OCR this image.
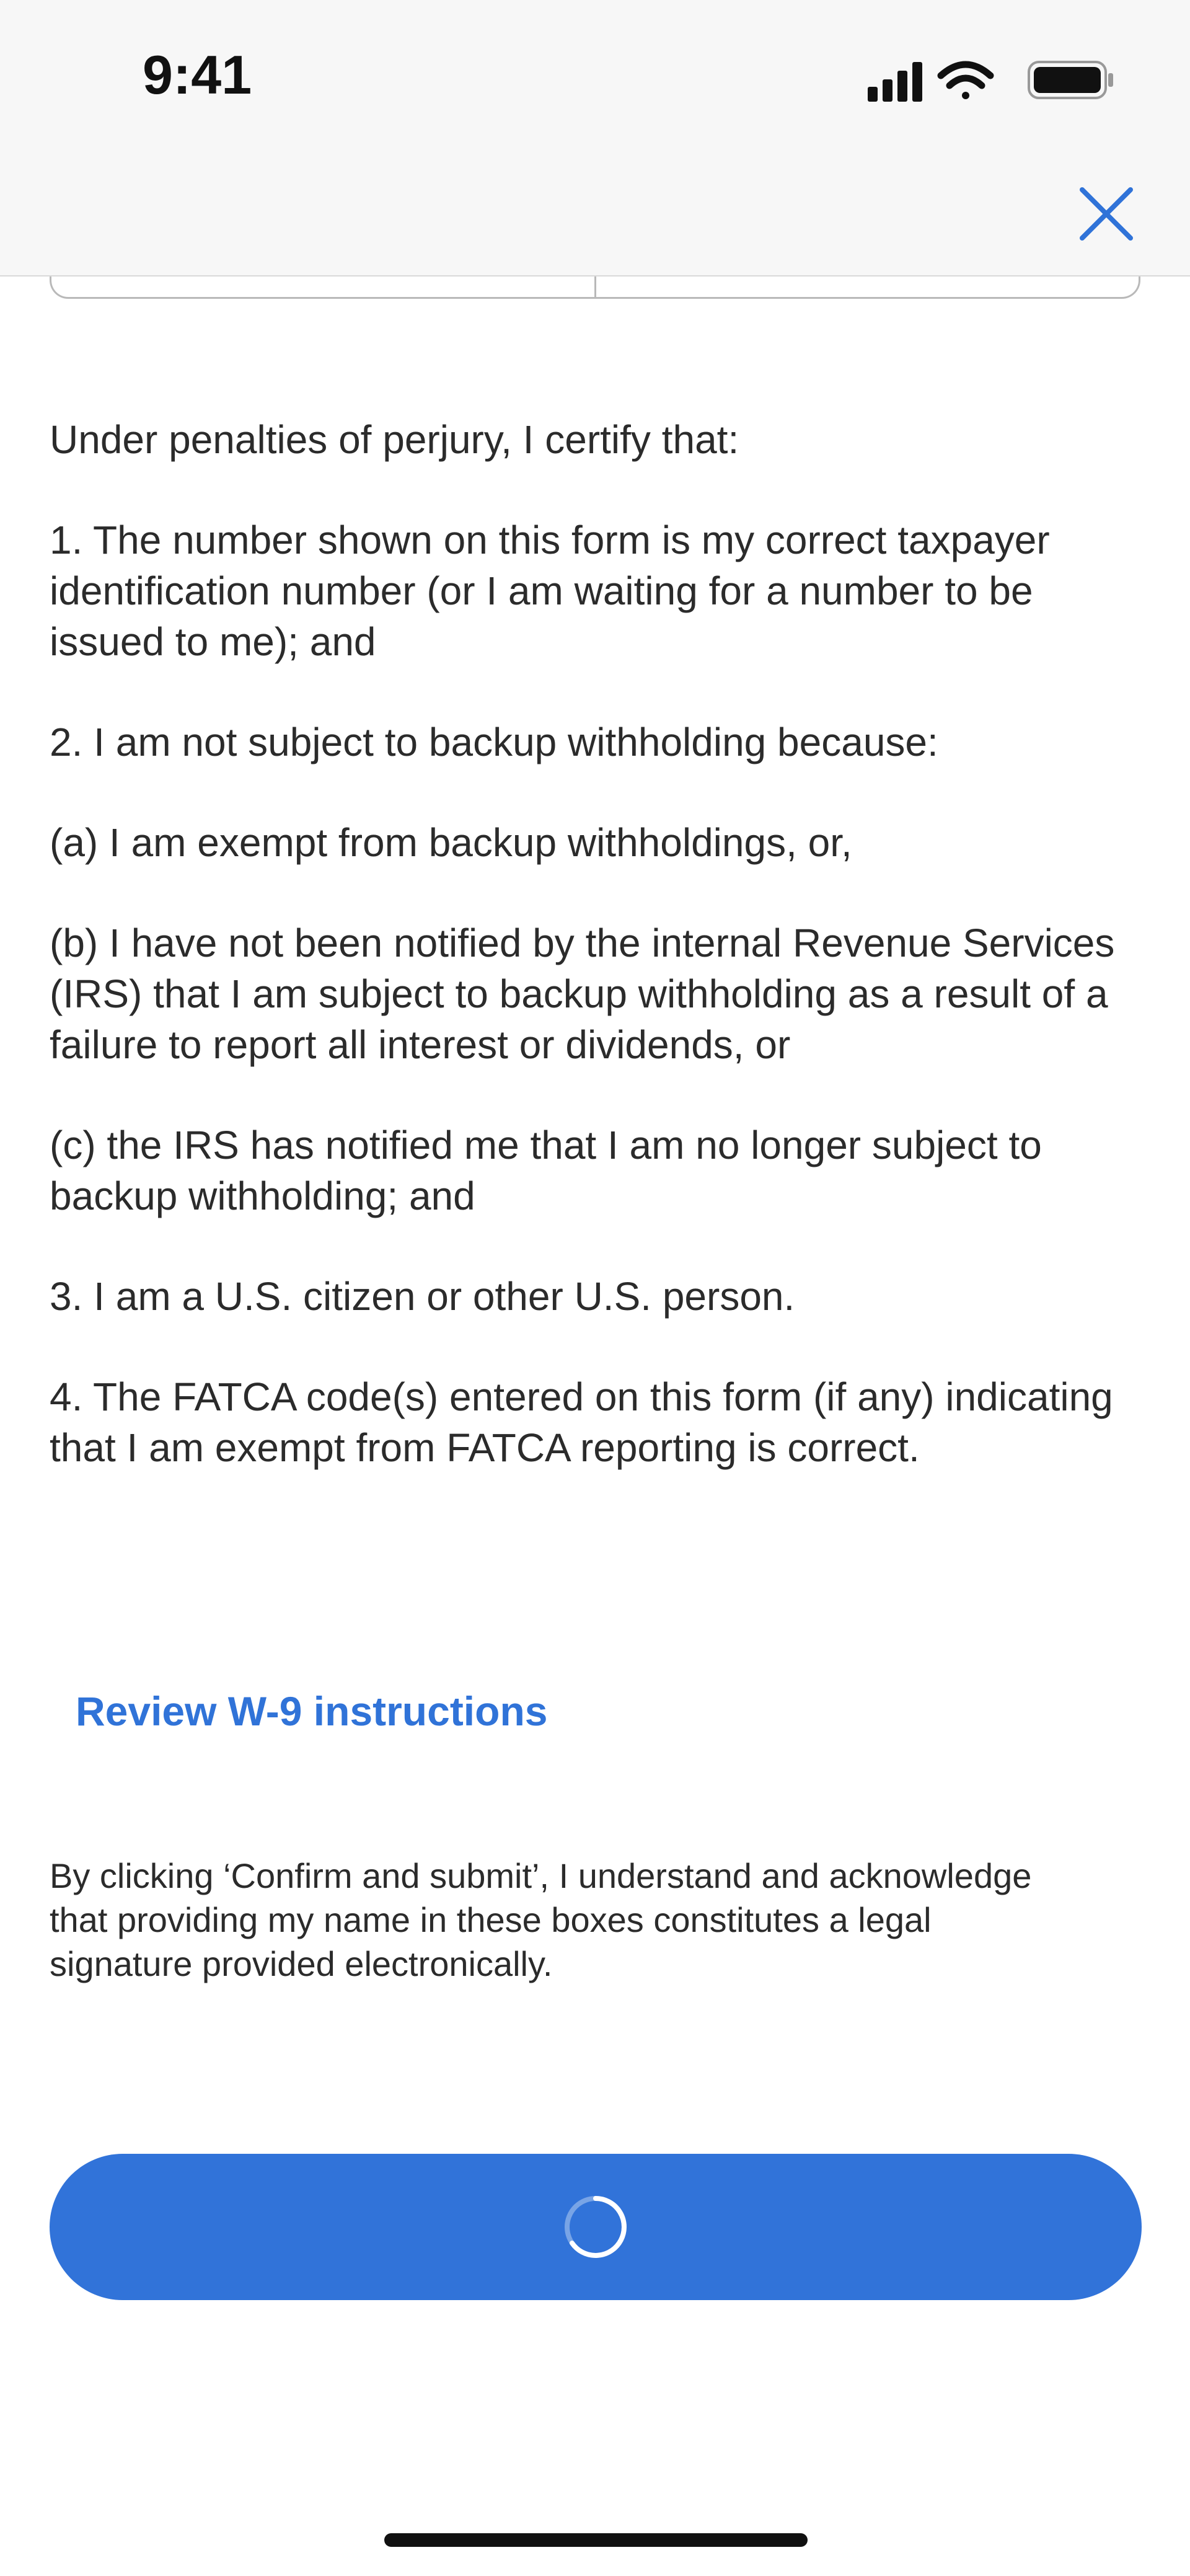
9:41

Under penalties of perjury, I certify that:

1. The number shown on this form is my correct taxpayer identification number (or I am waiting for a number to be issued to me); and

2. I am not subject to backup withholding because:

(a) I am exempt from backup withholdings, or,

(b) I have not been notified by the internal Revenue Services (IRS) that I am subject to backup withholding as a result of a failure to report all interest or dividends, or

(c) the IRS has notified me that I am no longer subject to backup withholding; and

3. I am a U.S. citizen or other U.S. person.

4. The FATCA code(s) entered on this form (if any) indicating that I am exempt from FATCA reporting is correct.

Review W-9 instructions
By clicking ‘Confirm and submit’, I understand and acknowledge that providing my name in these boxes constitutes a legal signature provided electronically.
